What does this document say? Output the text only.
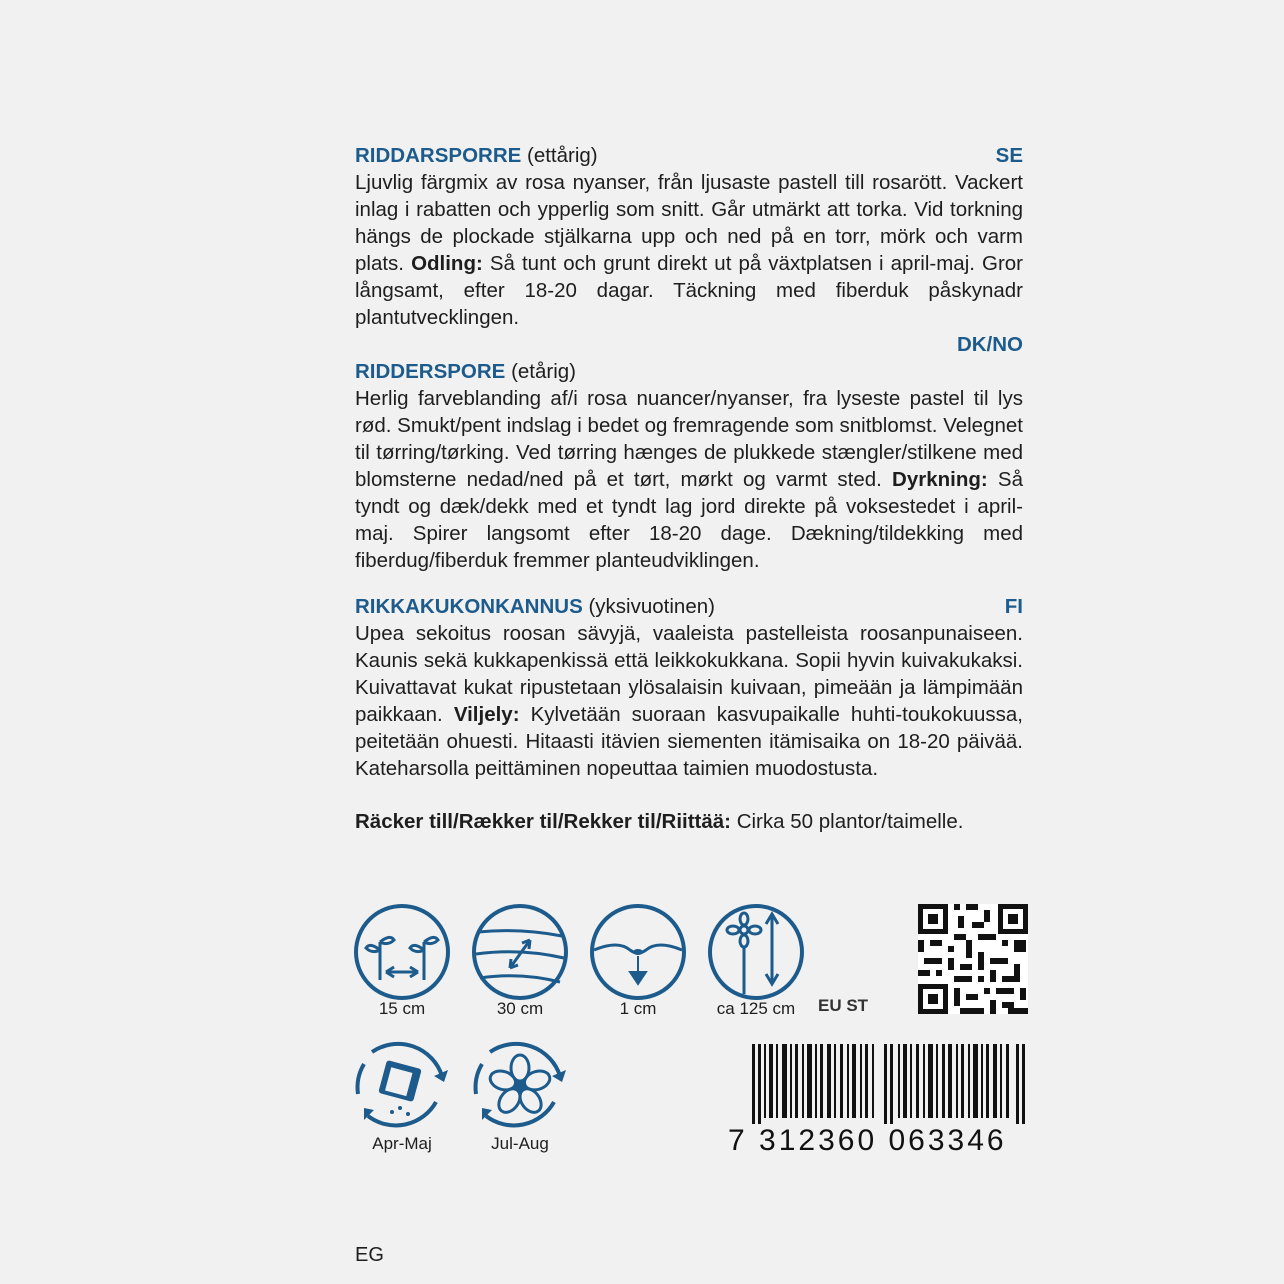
RIDDARSPORRE (ettårig)	SE

Ljuvlig färgmix av rosa nyanser, från ljusaste pastell till rosarött. Vackert inlag i rabatten och ypperlig som snitt. Går utmärkt att torka. Vid torkning hängs de plockade stjälkarna upp och ned på en torr, mörk och varm plats. Odling: Så tunt och grunt direkt ut på växtplatsen i april-maj. Gror långsamt, efter 18-20 dagar. Täckning med fiberduk påskynadr plantutvecklingen.

DK/NO
RIDDERSPORE (etårig)

Herlig farveblanding af/i rosa nuancer/nyanser, fra lyseste pastel til lys rød. Smukt/pent indslag i bedet og fremragende som snitblomst. Velegnet til tørring/tørking. Ved tørring hænges de plukkede stængler/stilkene med blomsterne nedad/ned på et tørt, mørkt og varmt sted. Dyrkning: Så tyndt og dæk/dekk med et tyndt lag jord direkte på voksestedet i april-maj. Spirer langsomt efter 18-20 dage. Dækning/tildekking med fiberdug/fiberduk fremmer planteudviklingen.

RIKKAKUKONKANNUS (yksivuotinen)	FI

Upea sekoitus roosan sävyjä, vaaleista pastelleista roosanpunaiseen. Kaunis sekä kukkapenkissä että leikkokukkana. Sopii hyvin kuivakukaksi. Kuivattavat kukat ripustetaan ylösalaisin kuivaan, pimeään ja lämpimään paikkaan. Viljely: Kylvetään suoraan kasvupaikalle huhti-toukokuussa, peitetään ohuesti. Hitaasti itävien siementen itämisaika on 18-20 päivää. Kateharsolla peittäminen nopeuttaa taimien muodostusta.

Räcker till/Rækker til/Rekker til/Riittää: Cirka 50 plantor/taimelle.
15 cm	30 cm	1 cm	ca 125 cm	EU ST
Apr-Maj	Jul-Aug	7 312360 063346
EG
